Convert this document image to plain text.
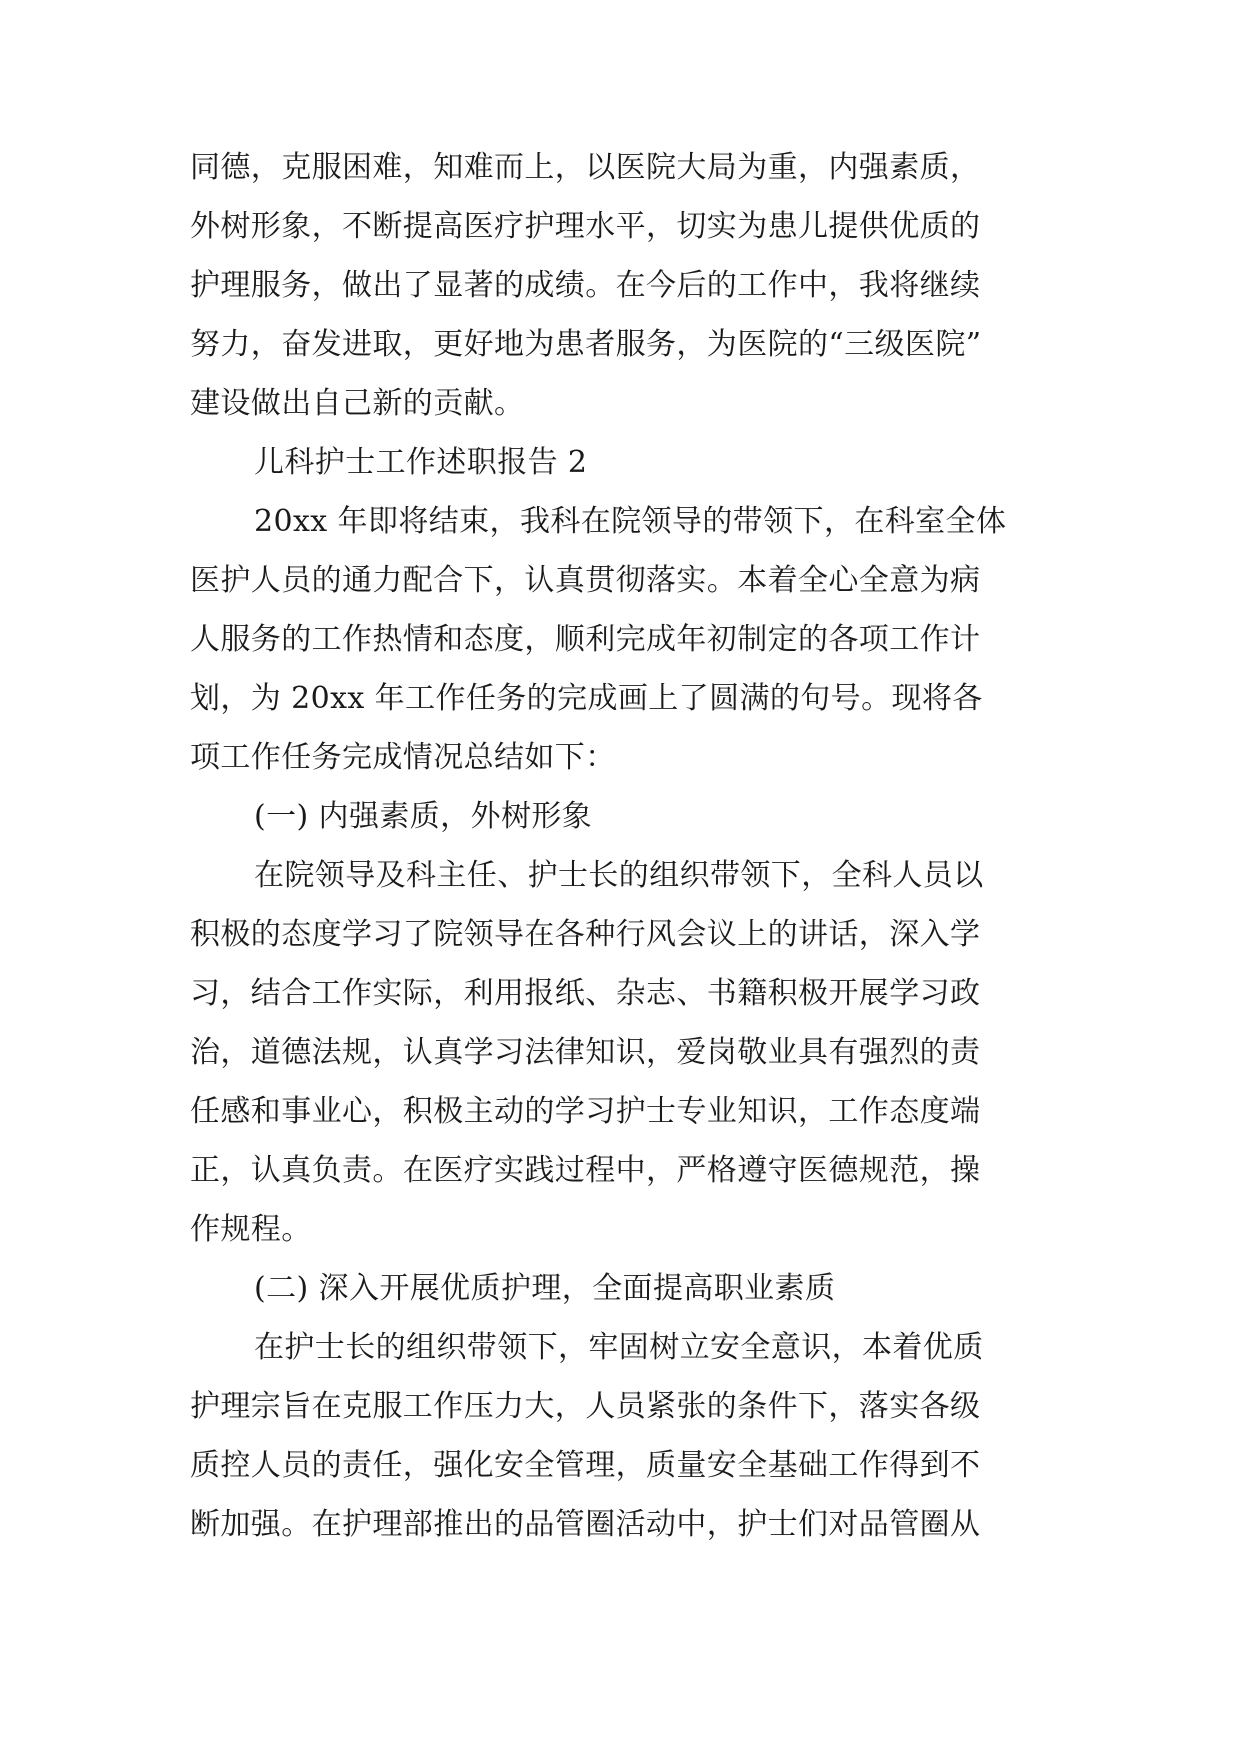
同德，克服困难，知难而上，以医院大局为重，内强素质，
外树形象，不断提高医疗护理水平，切实为患儿提供优质的
护理服务，做出了显著的成绩。在今后的工作中，我将继续
努力，奋发进取，更好地为患者服务，为医院的“三级医院”
建设做出自己新的贡献。
儿科护士工作述职报告 2
20xx 年即将结束，我科在院领导的带领下，在科室全体
医护人员的通力配合下，认真贯彻落实。本着全心全意为病
人服务的工作热情和态度，顺利完成年初制定的各项工作计
划，为 20xx 年工作任务的完成画上了圆满的句号。现将各
项工作任务完成情况总结如下：
(一) 内强素质，外树形象
在院领导及科主任、护士长的组织带领下，全科人员以
积极的态度学习了院领导在各种行风会议上的讲话，深入学
习，结合工作实际，利用报纸、杂志、书籍积极开展学习政
治，道德法规，认真学习法律知识，爱岗敬业具有强烈的责
任感和事业心，积极主动的学习护士专业知识，工作态度端
正，认真负责。在医疗实践过程中，严格遵守医德规范，操
作规程。
(二) 深入开展优质护理，全面提高职业素质
在护士长的组织带领下，牢固树立安全意识，本着优质
护理宗旨在克服工作压力大，人员紧张的条件下，落实各级
质控人员的责任，强化安全管理，质量安全基础工作得到不
断加强。在护理部推出的品管圈活动中，护士们对品管圈从
